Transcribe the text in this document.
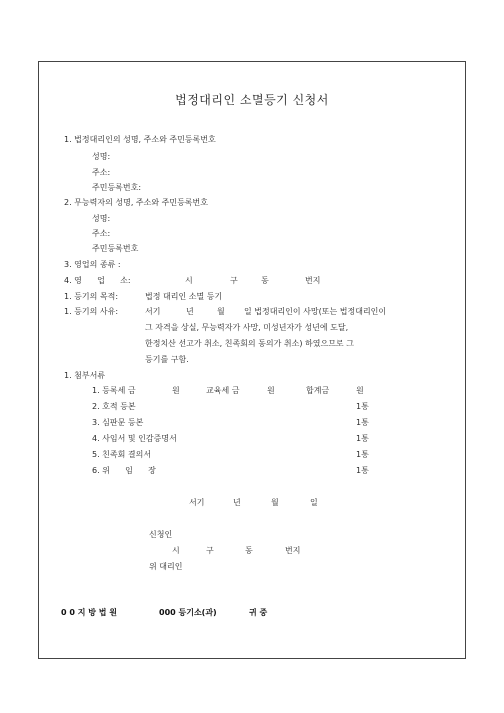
법정대리인 소멸등기 신청서
1. 법정대리인의 성명, 주소와 주민등록번호
성명:
주소:
주민등록번호:
2. 무능력자의 성명, 주소와 주민등록번호
성명:
주소:
주민등록번호
3. 영업의 종류 :
4. 영      업      소:	시	구	동	번지
1. 등기의 목적:	법정 대리인 소멸 등기
1. 등기의 사유:	서기	년	월 일 법정대리인이 사망(또는 법정대리인이
그 자격을 상실, 무능력자가 사망, 미성년자가 성년에 도달,
한정치산 선고가 취소, 친족회의 동의가 취소) 하였으므로 그
등기를 구함.
1. 첨부서류
1. 등록세 금	원	교육세 금	원	합계금	원
2. 호적 등본	1통
3. 심판문 등본	1통
4. 사임서 및 인감증명서	1통
5. 친족회 결의서	1통
6. 위      임      장	1통
서기	년	월	일
신청인
시	구	동	번지
위 대리인
0 0 지 방 법 원	000 등기소(과)	귀 중
